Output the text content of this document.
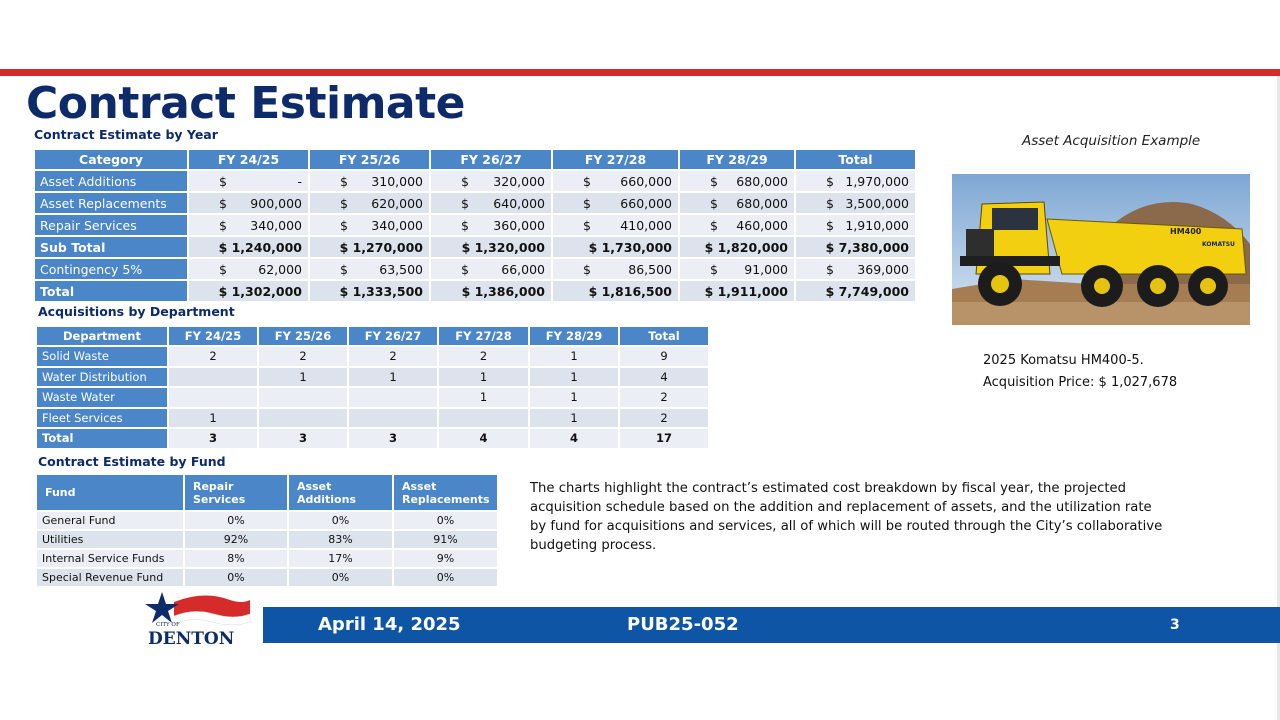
Contract Estimate
Contract Estimate by Year
Category	FY 24/25	FY 25/26	FY 26/27	FY 27/28	FY 28/29	Total
Asset Additions	$ -	$ 310,000	$ 320,000	$ 660,000	$ 680,000	$ 1,970,000

Asset Replacements	$ 900,000	$ 620,000	$ 640,000	$ 660,000	$ 680,000	$ 3,500,000

Repair Services	$ 340,000	$ 340,000	$ 360,000	$ 410,000	$ 460,000	$ 1,910,000

Sub Total	$ 1,240,000	$ 1,270,000	$ 1,320,000	$ 1,730,000	$ 1,820,000	$ 7,380,000
Contingency 5%	$ 62,000	$ 63,500	$ 66,000	$ 86,500	$ 91,000	$ 369,000

Total	$ 1,302,000	$ 1,333,500	$ 1,386,000	$ 1,816,500	$ 1,911,000	$ 7,749,000
Acquisitions by Department
Department	FY 24/25	FY 25/26	FY 26/27	FY 27/28	FY 28/29	Total
Solid Waste	2	2	2	2	1	9
Water Distribution		1	1	1	1	4
Waste Water				1	1	2
Fleet Services	1				1	2
Total	3	3	3	4	4	17
Contract Estimate by Fund
Fund	Repair Services	Asset Additions	Asset Replacements
General Fund	0%	0%	0%
Utilities	92%	83%	91%
Internal Service Funds	8%	17%	9%
Special Revenue Fund	0%	0%	0%
Asset Acquisition Example
HM400
KOMATSU
2025 Komatsu HM400-5.
Acquisition Price: $ 1,027,678
The charts highlight the contract’s estimated cost breakdown by fiscal year, the projected acquisition schedule based on the addition and replacement of assets, and the utilization rate by fund for acquisitions and services, all of which will be routed through the City’s collaborative budgeting process.
CITY OF
DENTON
April 14, 2025	PUB25-052	3
